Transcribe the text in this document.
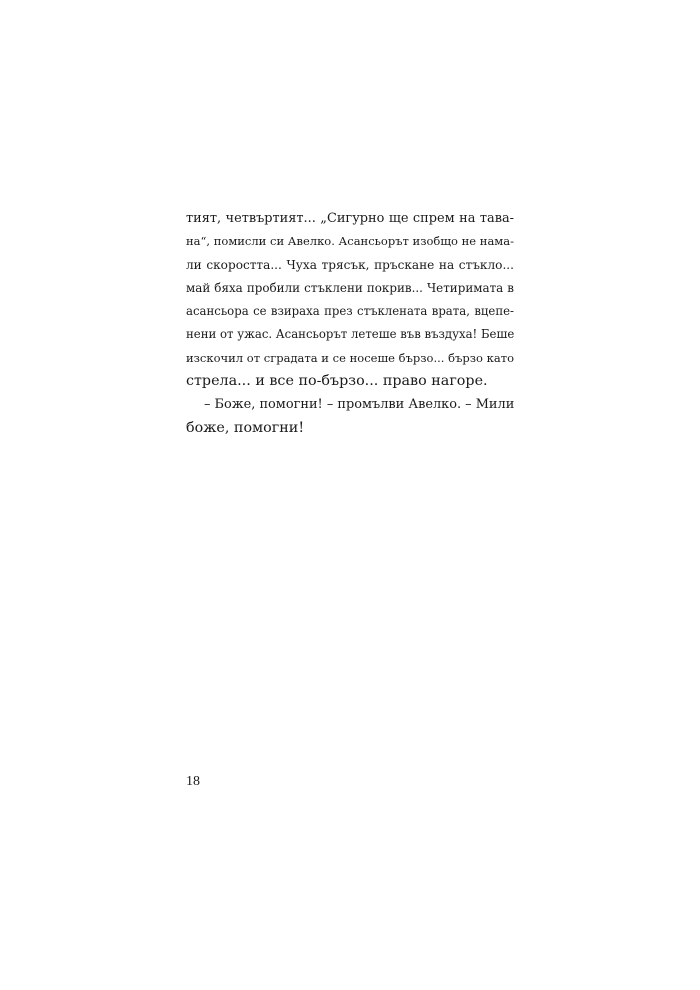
тият, четвъртият... „Сигурно ще спрем на тава-
на“, помисли си Авелко. Асансьорът изобщо не нама-
ли скоростта... Чуха трясък, пръскане на стъкло...
май бяха пробили стъклени покрив... Четиримата в
асансьора се взираха през стъклената врата, вцепе-
нени от ужас. Асансьорът летеше във въздуха! Беше
изскочил от сградата и се носеше бързо... бързо като
стрела... и все по-бързо... право нагоре.
– Боже, помогни! – промълви Авелко. – Мили
боже, помогни!
18
